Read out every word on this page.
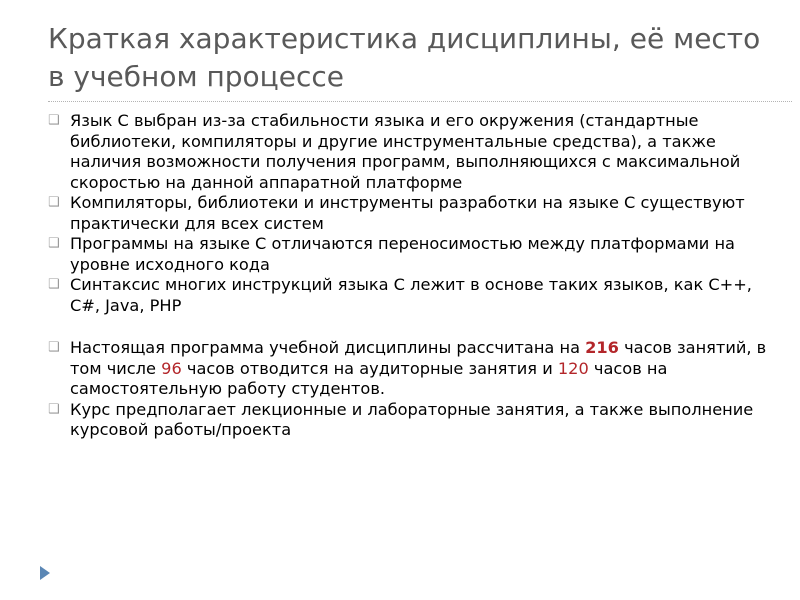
Краткая характеристика дисциплины, её место в учебном процессе
❑ Язык С выбран из-за стабильности языка и его окружения (стандартные библиотеки, компиляторы и другие инструментальные средства), а также наличия возможности получения программ, выполняющихся с максимальной скоростью на данной аппаратной платформе
❑ Компиляторы, библиотеки и инструменты разработки на языке С существуют практически для всех систем
❑ Программы на языке С отличаются переносимостью между платформами на уровне исходного кода
❑ Синтаксис многих инструкций языка С лежит в основе таких языков, как С++, С#, Java, PHP
❑ Настоящая программа учебной дисциплины рассчитана на 216 часов занятий, в том числе 96 часов отводится на аудиторные занятия и 120 часов на самостоятельную работу студентов.
❑ Курс предполагает лекционные и лабораторные занятия, а также выполнение курсовой работы/проекта
